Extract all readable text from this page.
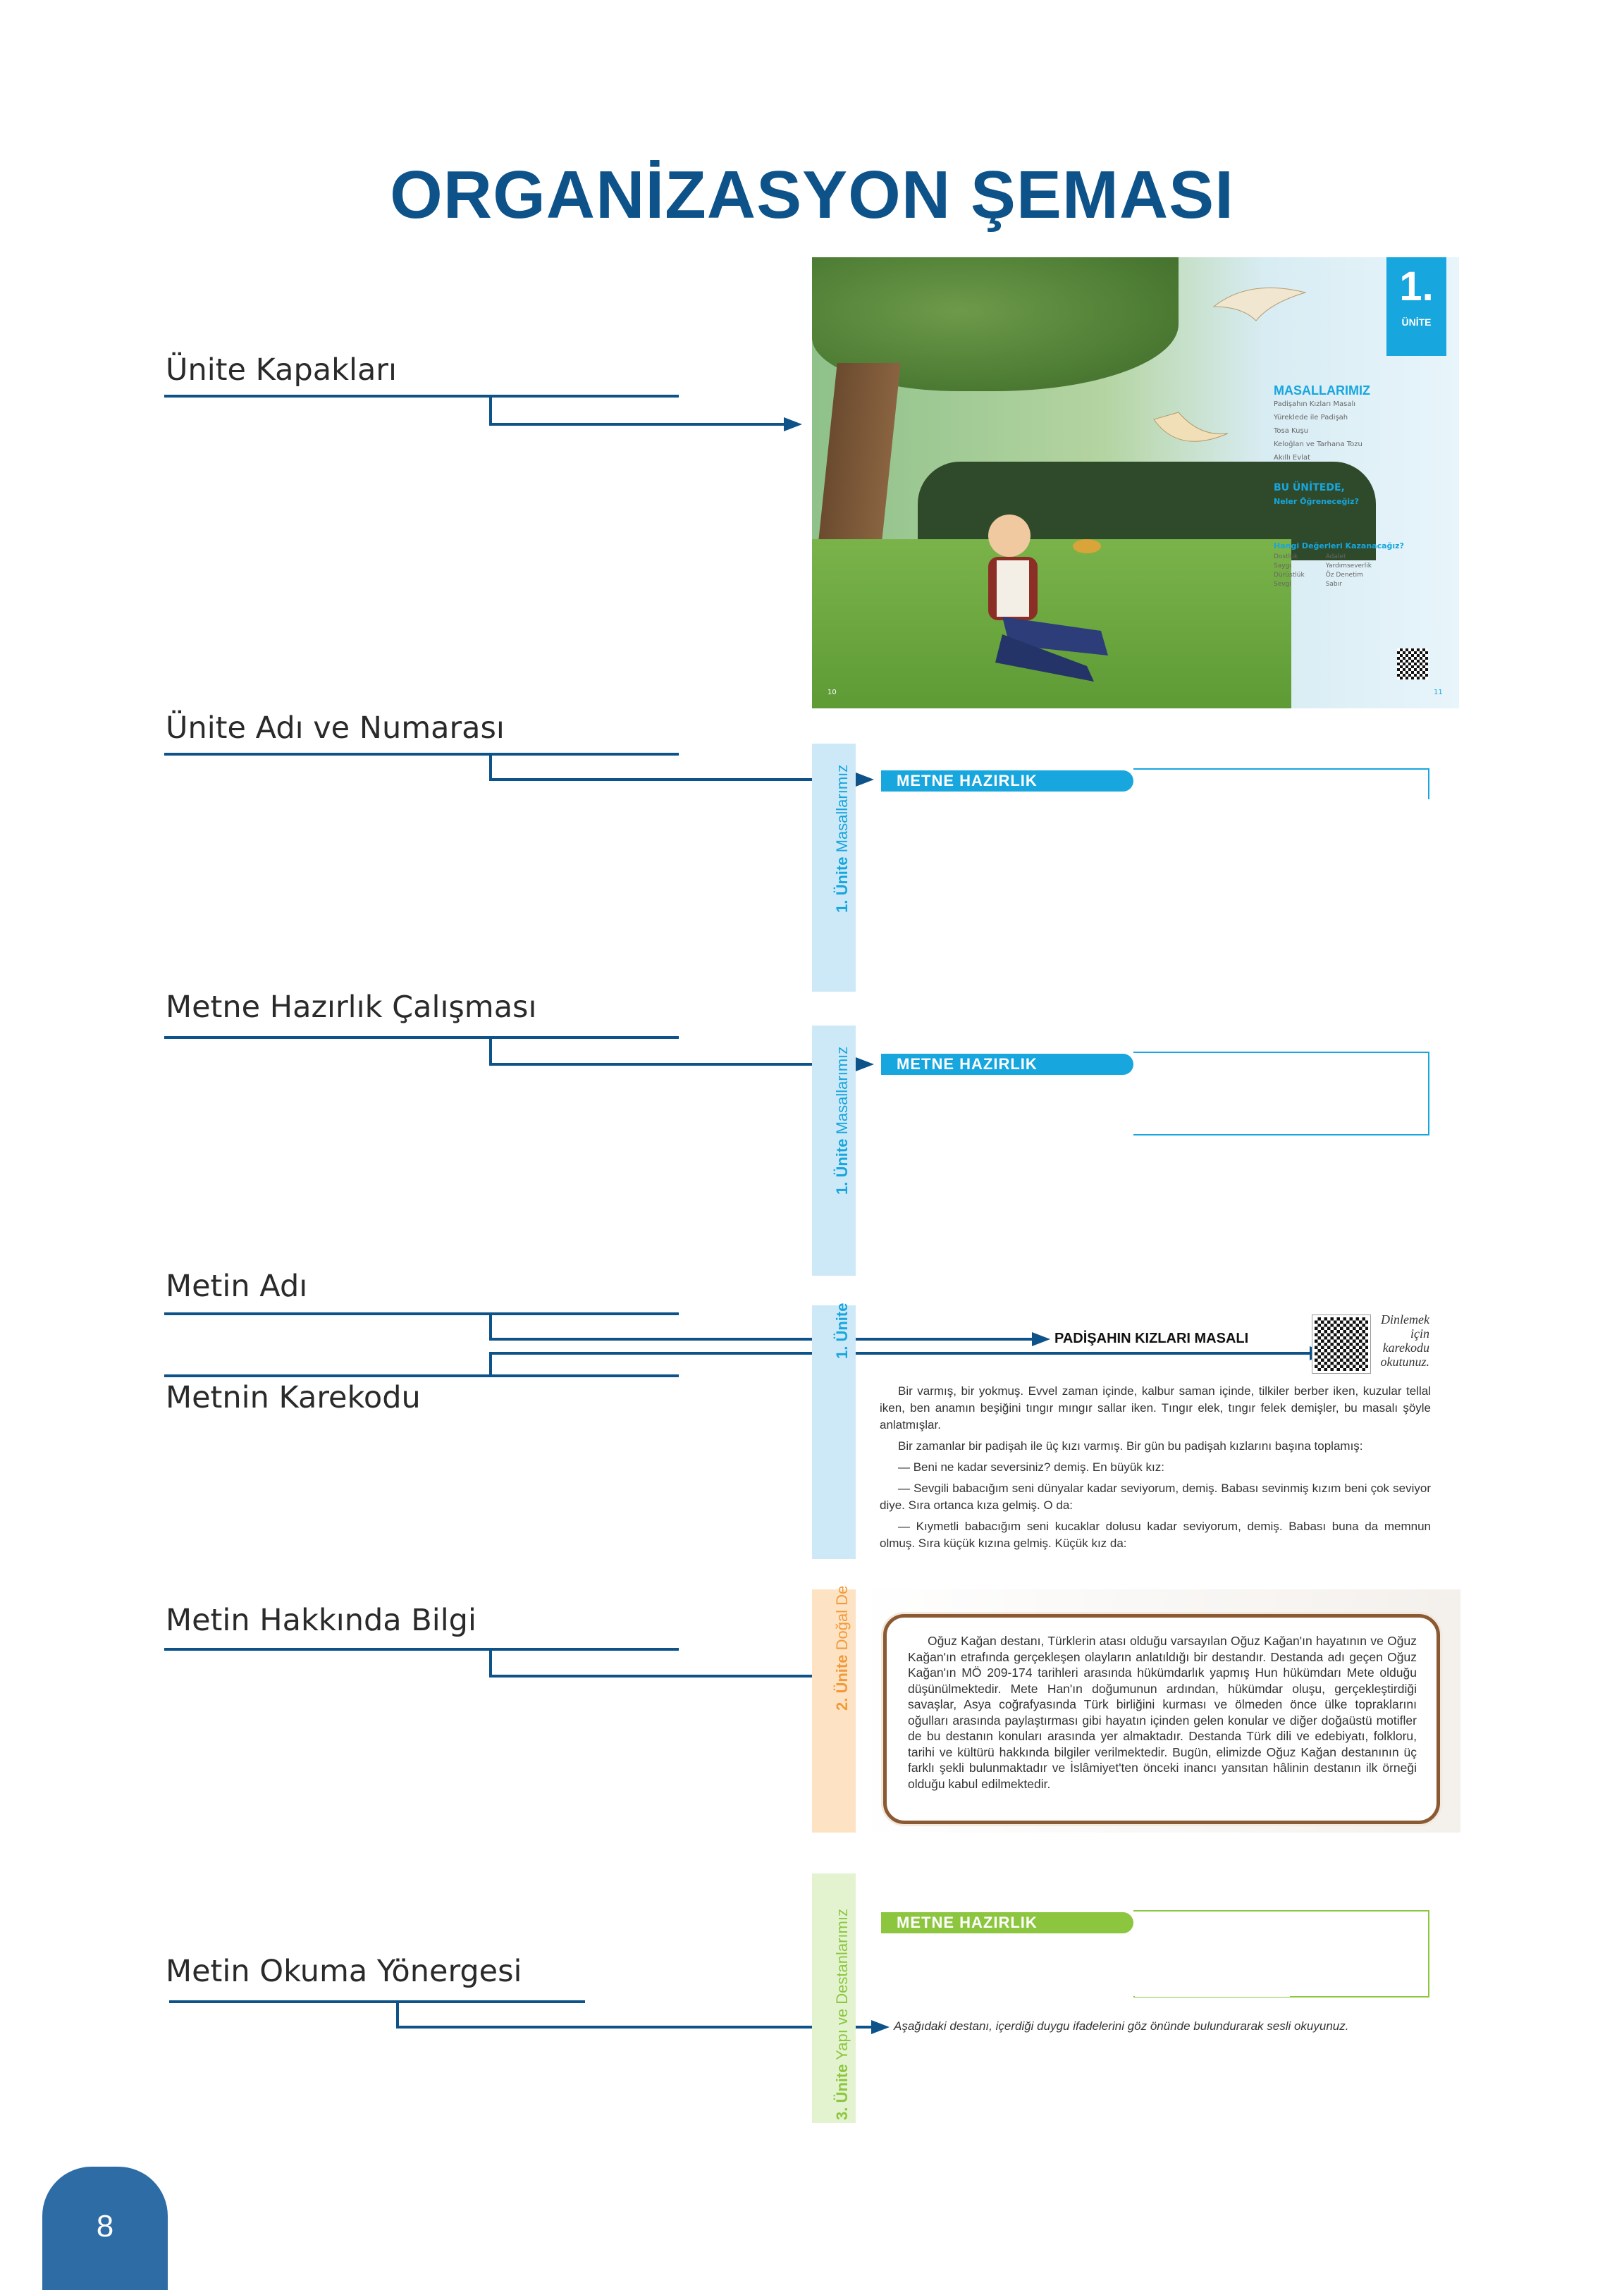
ORGANİZASYON ŞEMASI
Ünite Kapakları
1.
ÜNİTE
MASALLARIMIZ
Padişahın Kızları Masalı
Yüreklede ile Padişah
Tosa Kuşu
Keloğlan ve Tarhana Tozu
Akıllı Evlat
BU ÜNİTEDE,
Neler Öğreneceğiz?
Hangi Değerleri Kazanacağız?
Dostluk
Saygı
Dürüstlük
Sevgi
Adalet
Yardımseverlik
Öz Denetim
Sabır
10	11
Ünite Adı ve Numarası
1. Ünite Masallarımız	METNE HAZIRLIK
Metne Hazırlık Çalışması
1. Ünite Masallarımız	METNE HAZIRLIK
Metin Adı
Metnin Karekodu
1. Ünite	PADİŞAHIN KIZLARI MASALI
Dinlemek
için
karekodu
okutunuz.
Bir varmış, bir yokmuş. Evvel zaman içinde, kalbur saman içinde, tilkiler berber iken, kuzular tellal iken, ben anamın beşiğini tıngır mıngır sallar iken. Tıngır elek, tıngır felek demişler, bu masalı şöyle anlatmışlar.
Bir zamanlar bir padişah ile üç kızı varmış. Bir gün bu padişah kızlarını başına toplamış:
— Beni ne kadar seversiniz? demiş. En büyük kız:
— Sevgili babacığım seni dünyalar kadar seviyorum, demiş. Babası sevinmiş kızım beni çok seviyor diye. Sıra ortanca kıza gelmiş. O da:
— Kıymetli babacığım seni kucaklar dolusu kadar seviyorum, demiş. Babası buna da memnun olmuş. Sıra küçük kızına gelmiş. Küçük kız da:
Metin Hakkında Bilgi
2. Ünite Doğal De	Oğuz Kağan destanı, Türklerin atası olduğu varsayılan Oğuz Kağan'ın hayatının ve Oğuz Kağan'ın etrafında gerçekleşen olayların anlatıldığı bir destandır. Destanda adı geçen Oğuz Kağan'ın MÖ 209-174 tarihleri arasında hükümdarlık yapmış Hun hükümdarı Mete olduğu düşünülmektedir. Mete Han'ın doğumunun ardından, hükümdar oluşu, gerçekleştirdiği savaşlar, Asya coğrafyasında Türk birliğini kurması ve ölmeden önce ülke topraklarını oğulları arasında paylaştırması gibi hayatın içinden gelen konular ve diğer doğaüstü motifler de bu destanın konuları arasında yer almaktadır. Destanda Türk dili ve edebiyatı, folkloru, tarihi ve kültürü hakkında bilgiler verilmektedir. Bugün, elimizde Oğuz Kağan destanının üç farklı şekli bulunmaktadır ve İslâmiyet'ten önceki inancı yansıtan hâlinin destanın ilk örneği olduğu kabul edilmektedir.
Metin Okuma Yönergesi
3. Ünite Yapı ve Destanlarımız	METNE HAZIRLIK
Aşağıdaki destanı, içerdiği duygu ifadelerini göz önünde bulundurarak sesli okuyunuz.
8
